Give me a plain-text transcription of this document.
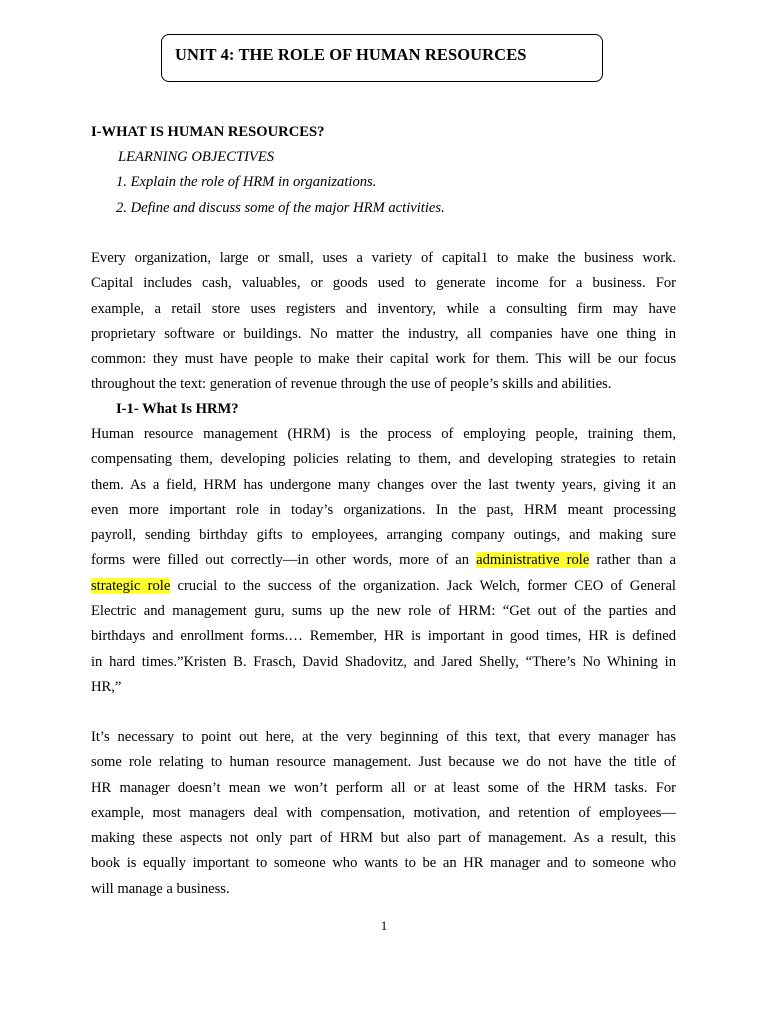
UNIT 4: THE ROLE OF HUMAN RESOURCES
I-WHAT IS HUMAN RESOURCES?
LEARNING OBJECTIVES
1. Explain the role of HRM in organizations.
2. Define and discuss some of the major HRM activities.
Every organization, large or small, uses a variety of capital1 to make the business work.
Capital includes cash, valuables, or goods used to generate income for a business. For
example, a retail store uses registers and inventory, while a consulting firm may have
proprietary software or buildings. No matter the industry, all companies have one thing in
common: they must have people to make their capital work for them. This will be our focus
throughout the text: generation of revenue through the use of people’s skills and abilities.
I-1- What Is HRM?
Human resource management (HRM) is the process of employing people, training them,
compensating them, developing policies relating to them, and developing strategies to retain
them. As a field, HRM has undergone many changes over the last twenty years, giving it an
even more important role in today’s organizations. In the past, HRM meant processing
payroll, sending birthday gifts to employees, arranging company outings, and making sure
forms were filled out correctly—in other words, more of an administrative role rather than a
strategic role crucial to the success of the organization. Jack Welch, former CEO of General
Electric and management guru, sums up the new role of HRM: “Get out of the parties and
birthdays and enrollment forms.… Remember, HR is important in good times, HR is defined
in hard times.”Kristen B. Frasch, David Shadovitz, and Jared Shelly, “There’s No Whining in
HR,”
It’s necessary to point out here, at the very beginning of this text, that every manager has
some role relating to human resource management. Just because we do not have the title of
HR manager doesn’t mean we won’t perform all or at least some of the HRM tasks. For
example, most managers deal with compensation, motivation, and retention of employees—
making these aspects not only part of HRM but also part of management. As a result, this
book is equally important to someone who wants to be an HR manager and to someone who
will manage a business.
1
